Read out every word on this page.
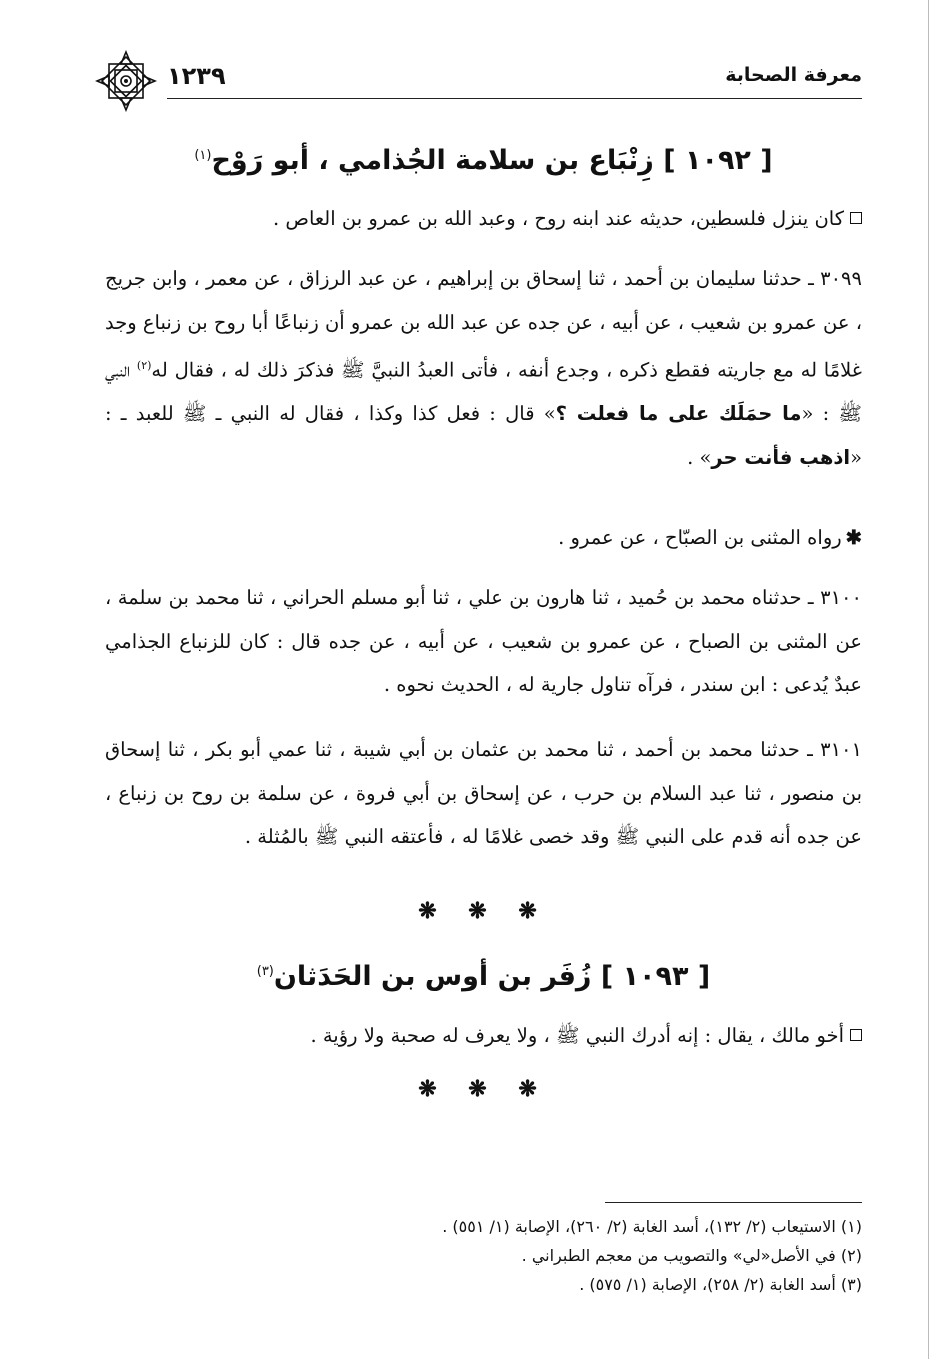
معرفة الصحابة
١٢٣٩
[ ١٠٩٢ ] زِنْبَاع بن سلامة الجُذامي ، أبو رَوْح$^{(١)}$

كان ينزل فلسطين، حديثه عند ابنه روح ، وعبد الله بن عمرو بن العاص .

٣٠٩٩ ـ حدثنا سليمان بن أحمد ، ثنا إسحاق بن إبراهيم ، عن عبد الرزاق ، عن معمر ، وابن جريج ، عن عمرو بن شعيب ، عن أبيه ، عن جده عن عبد الله بن عمرو أن زنباعًا أبا روح بن زنباع وجد غلامًا له مع جاريته فقطع ذكره ، وجدع أنفه ، فأتى العبدُ النبيَّ ﷺ فذكرَ ذلك له ، فقال له$^{(٢)}$ النبي ﷺ : «ما حمَلَك على ما فعلت ؟» قال : فعل كذا وكذا ، فقال له النبي ـ ﷺ للعبد ـ : «اذهب فأنت حر» .

✱رواه المثنى بن الصبّاح ، عن عمرو .

٣١٠٠ ـ حدثناه محمد بن حُميد ، ثنا هارون بن علي ، ثنا أبو مسلم الحراني ، ثنا محمد بن سلمة ، عن المثنى بن الصباح ، عن عمرو بن شعيب ، عن أبيه ، عن جده قال : كان للزنباع الجذامي عبدٌ يُدعى : ابن سندر ، فرآه تناول جارية له ، الحديث نحوه .

٣١٠١ ـ حدثنا محمد بن أحمد ، ثنا محمد بن عثمان بن أبي شيبة ، ثنا عمي أبو بكر ، ثنا إسحاق بن منصور ، ثنا عبد السلام بن حرب ، عن إسحاق بن أبي فروة ، عن سلمة بن روح بن زنباع ، عن جده أنه قدم على النبي ﷺ وقد خصى غلامًا له ، فأعتقه النبي ﷺ بالمُثلة .

❋ ❋ ❋
[ ١٠٩٣ ] زُفَر بن أوس بن الحَدَثان$^{(٣)}$

أخو مالك ، يقال : إنه أدرك النبي ﷺ ، ولا يعرف له صحبة ولا رؤية .

❋ ❋ ❋
(١) الاستيعاب (٢/ ١٣٢)، أسد الغابة (٢/ ٢٦٠)، الإصابة (١/ ٥٥١) .
(٢) في الأصل«لي» والتصويب من معجم الطبراني .
(٣) أسد الغابة (٢/ ٢٥٨)، الإصابة (١/ ٥٧٥) .
